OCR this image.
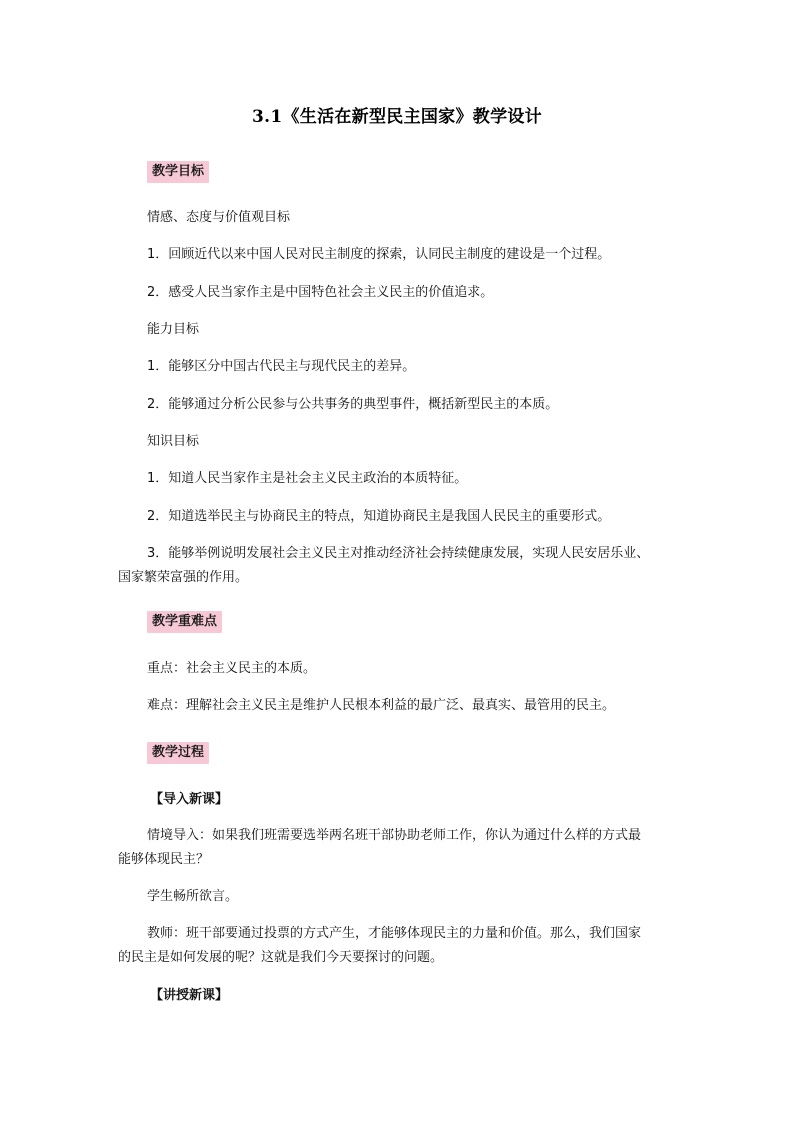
3.1《生活在新型民主国家》教学设计
教学目标
情感、态度与价值观目标
1．回顾近代以来中国人民对民主制度的探索，认同民主制度的建设是一个过程。
2．感受人民当家作主是中国特色社会主义民主的价值追求。
能力目标
1．能够区分中国古代民主与现代民主的差异。
2．能够通过分析公民参与公共事务的典型事件，概括新型民主的本质。
知识目标
1．知道人民当家作主是社会主义民主政治的本质特征。
2．知道选举民主与协商民主的特点，知道协商民主是我国人民民主的重要形式。
3．能够举例说明发展社会主义民主对推动经济社会持续健康发展，实现人民安居乐业、
国家繁荣富强的作用。
教学重难点
重点：社会主义民主的本质。
难点：理解社会主义民主是维护人民根本利益的最广泛、最真实、最管用的民主。
教学过程
【导入新课】
情境导入：如果我们班需要选举两名班干部协助老师工作，你认为通过什么样的方式最
能够体现民主？
学生畅所欲言。
教师：班干部要通过投票的方式产生，才能够体现民主的力量和价值。那么，我们国家
的民主是如何发展的呢？这就是我们今天要探讨的问题。
【讲授新课】
